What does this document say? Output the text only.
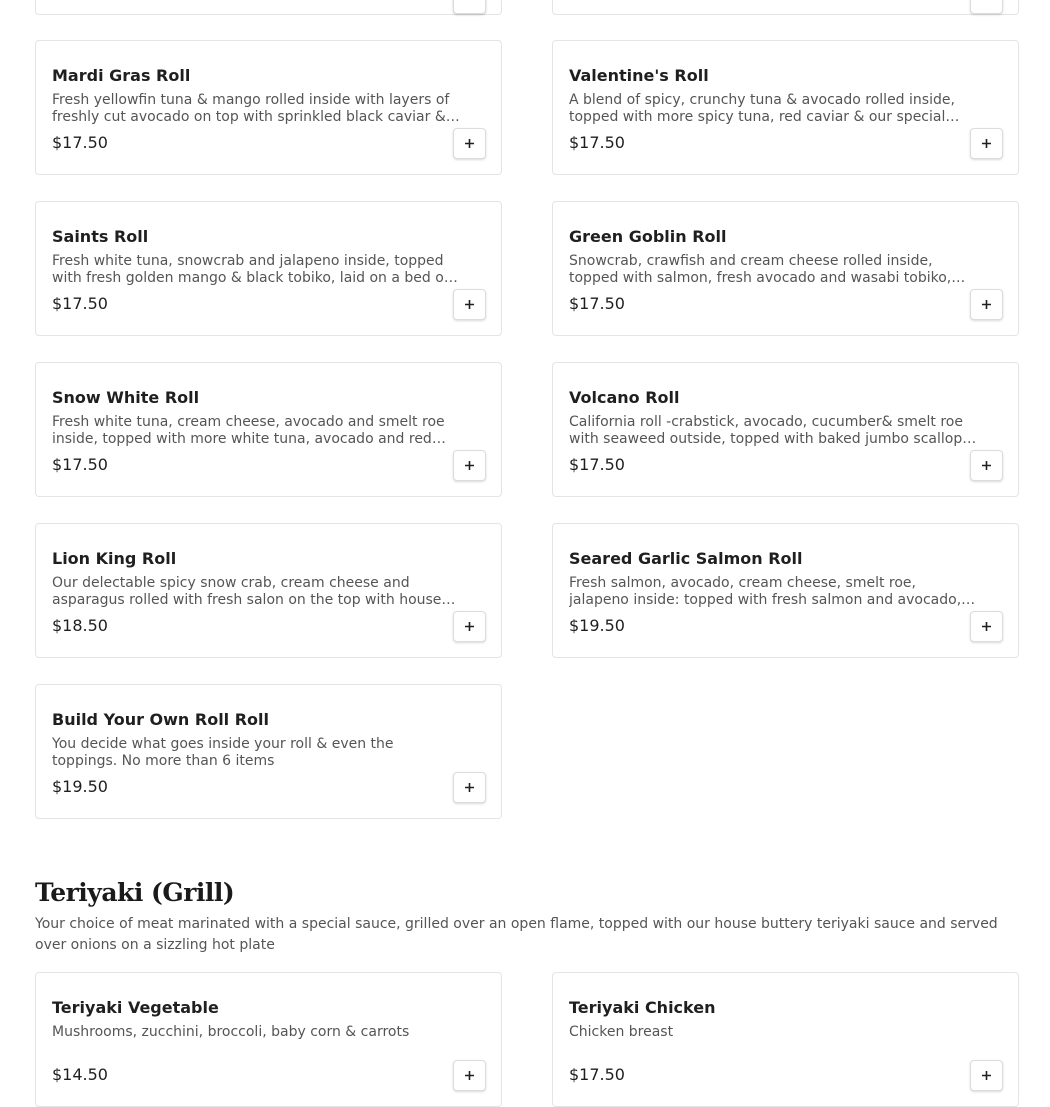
Mardi Gras Roll
Fresh yellowfin tuna & mango rolled inside with layers of freshly cut avocado on top with sprinkled black caviar &
$17.50
Valentine's Roll
A blend of spicy, crunchy tuna & avocado rolled inside, topped with more spicy tuna, red caviar & our special
$17.50
Saints Roll
Fresh white tuna, snowcrab and jalapeno inside, topped with fresh golden mango & black tobiko, laid on a bed of
$17.50
Green Goblin Roll
Snowcrab, crawfish and cream cheese rolled inside, topped with salmon, fresh avocado and wasabi tobiko,
$17.50
Snow White Roll
Fresh white tuna, cream cheese, avocado and smelt roe inside, topped with more white tuna, avocado and red
$17.50
Volcano Roll
California roll -crabstick, avocado, cucumber& smelt roe with seaweed outside, topped with baked jumbo scallop,
$17.50
Lion King Roll
Our delectable spicy snow crab, cream cheese and asparagus rolled with fresh salon on the top with house
$18.50
Seared Garlic Salmon Roll
Fresh salmon, avocado, cream cheese, smelt roe, jalapeno inside: topped with fresh salmon and avocado,
$19.50
Build Your Own Roll Roll
You decide what goes inside your roll & even the toppings. No more than 6 items
$19.50
Teriyaki (Grill)
Your choice of meat marinated with a special sauce, grilled over an open flame, topped with our house buttery teriyaki sauce and served over onions on a sizzling hot plate
Teriyaki Vegetable
Mushrooms, zucchini, broccoli, baby corn & carrots
$14.50
Teriyaki Chicken
Chicken breast
$17.50
